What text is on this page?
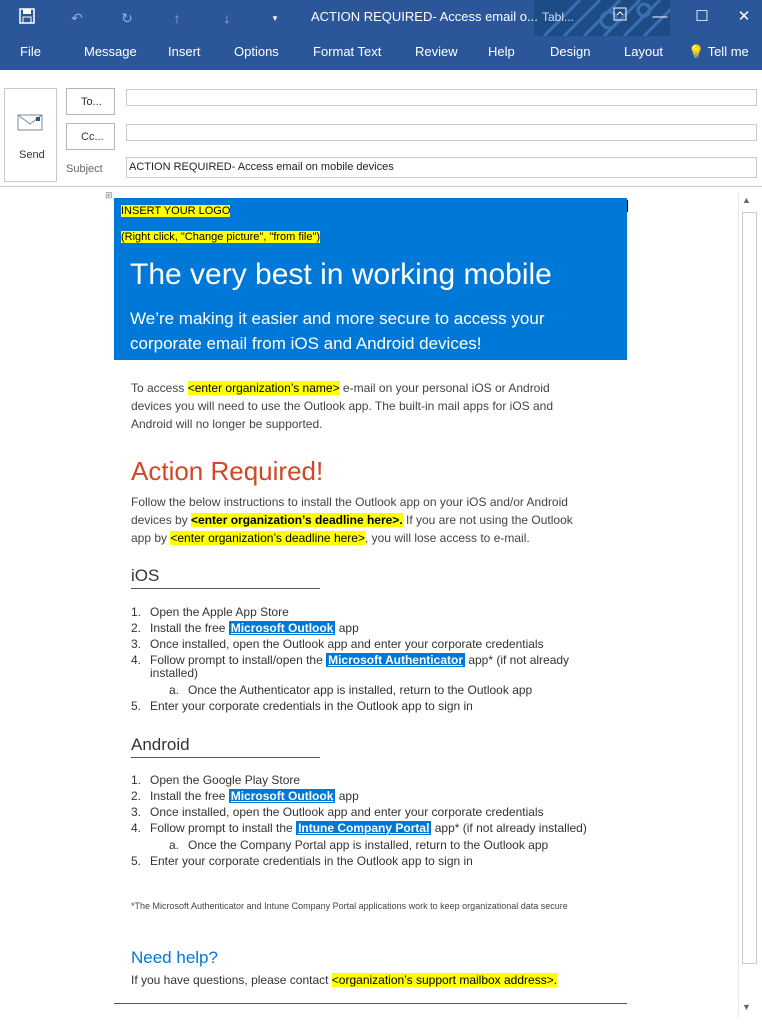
↶	↻	↑	↓	▾	ACTION REQUIRED- Access email o... Tabl...	—	☐	✕
File	Message Insert	Options	Format Text	Review Help	Design	Layout 💡 Tell me
Send
To...
Cc...
Subject ACTION REQUIRED- Access email on mobile devices
⊞
INSERT YOUR LOGO
(Right click, "Change picture", "from file")
The very best in working mobile
We’re making it easier and more secure to access your corporate email from iOS and Android devices!
To access <enter organization’s name> e-mail on your personal iOS or Android
devices you will need to use the Outlook app. The built-in mail apps for iOS and
Android will no longer be supported.
Action Required!
Follow the below instructions to install the Outlook app on your iOS and/or Android
devices by <enter organization’s deadline here>. If you are not using the Outlook
app by <enter organization’s deadline here>, you will lose access to e-mail.
iOS
1. Open the Apple App Store
2. Install the free Microsoft Outlook app
3. Once installed, open the Outlook app and enter your corporate credentials
4. Follow prompt to install/open the Microsoft Authenticator app* (if not already installed)
a. Once the Authenticator app is installed, return to the Outlook app
5. Enter your corporate credentials in the Outlook app to sign in
Android
1. Open the Google Play Store
2. Install the free Microsoft Outlook app
3. Once installed, open the Outlook app and enter your corporate credentials
4. Follow prompt to install the Intune Company Portal app* (if not already installed)
a. Once the Company Portal app is installed, return to the Outlook app
5. Enter your corporate credentials in the Outlook app to sign in
*The Microsoft Authenticator and Intune Company Portal applications work to keep organizational data secure
Need help?
If you have questions, please contact <organization’s support mailbox address>.
▲
▼
